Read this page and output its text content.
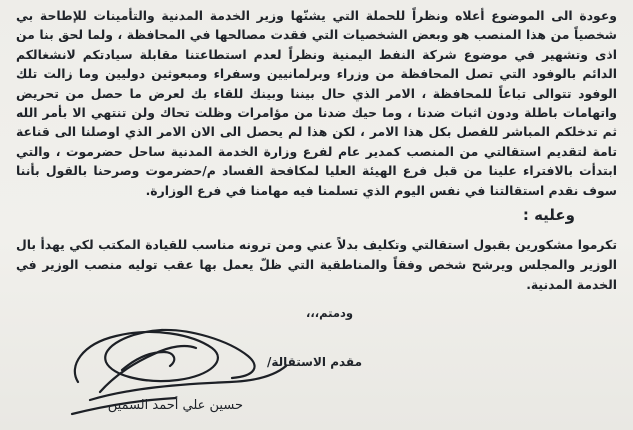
وعودة الى الموضوع أعلاه ونظراً للحملة التي يشنّها وزير الخدمة المدنية والتأمينات للإطاحة بي شخصياً من هذا المنصب هو وبعض الشخصيات التي فقدت مصالحها في المحافظة ، ولما لحق بنا من اذى وتشهير في موضوع شركة النفط اليمنية ونظراً لعدم استطاعتنا مقابلة سيادتكم لانشغالكم الدائم بالوفود التي تصل المحافظة من وزراء وبرلمانيين وسفراء ومبعوثين دوليين وما زالت تلك الوفود تتوالى تباعاً للمحافظة ، الامر الذي حال بيننا وبينك للقاء بك لعرض ما حصل من تحريض واتهامات باطلة ودون اثبات ضدنا ، وما حيك ضدنا من مؤامرات وظلت تحاك ولن تنتهي الا بأمر الله ثم تدخلكم المباشر للفصل بكل هذا الامر ، لكن هذا لم يحصل الى الان الامر الذي اوصلنا الى قناعة تامة لتقديم استقالتي من المنصب كمدير عام لفرع وزارة الخدمة المدنية ساحل حضرموت ، والتي ابتدأت بالافتراء علينا من قبل فرع الهيئة العليا لمكافحة الفساد م/حضرموت وصرحنا بالقول بأننا سوف نقدم استقالتنا في نفس اليوم الذي تسلمنا فيه مهامنا في فرع الوزارة.

وعليه :

تكرموا مشكورين بقبول استقالتي وتكليف بدلاً عني ومن ترونه مناسب للقيادة المكتب لكي يهدأ بال الوزير والمجلس ويرشح شخص وفقاً والمناطقية التي ظلّ يعمل بها عقب توليه منصب الوزير في الخدمة المدنية.

ودمتم،،،
مقدم الاستقالة/
حسين علي أحمد السمين
